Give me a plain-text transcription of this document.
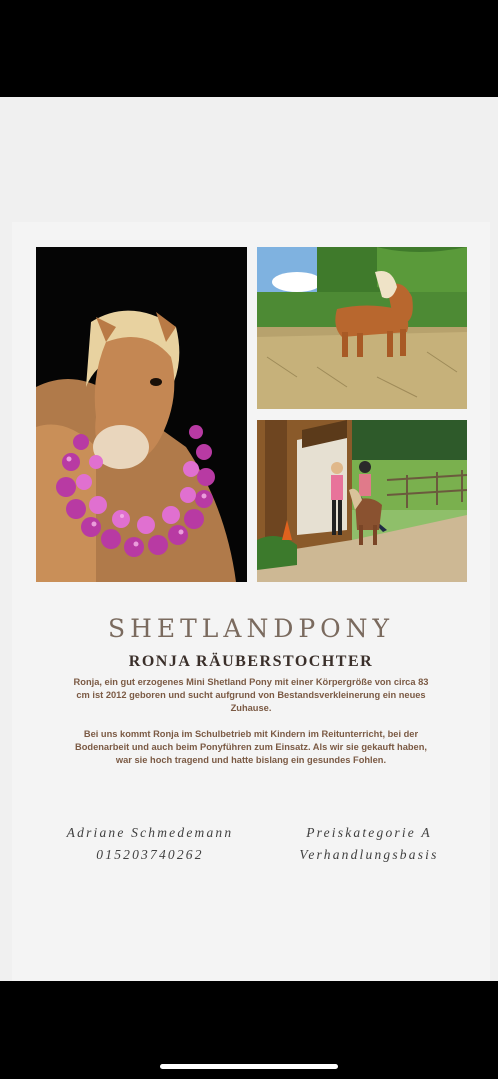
SHETLANDPONY
RONJA RÄUBERSTOCHTER

Ronja, ein gut erzogenes Mini Shetland Pony mit einer Körpergröße von circa 83 cm ist 2012 geboren und sucht aufgrund von Bestandsverkleinerung ein neues Zuhause.

Bei uns kommt Ronja im Schulbetrieb mit Kindern im Reitunterricht, bei der Bodenarbeit und auch beim Ponyführen zum Einsatz. Als wir sie gekauft haben, war sie hoch tragend und hatte bislang ein gesundes Fohlen.

Adriane Schmedemann
015203740262
Preiskategorie A
Verhandlungsbasis
